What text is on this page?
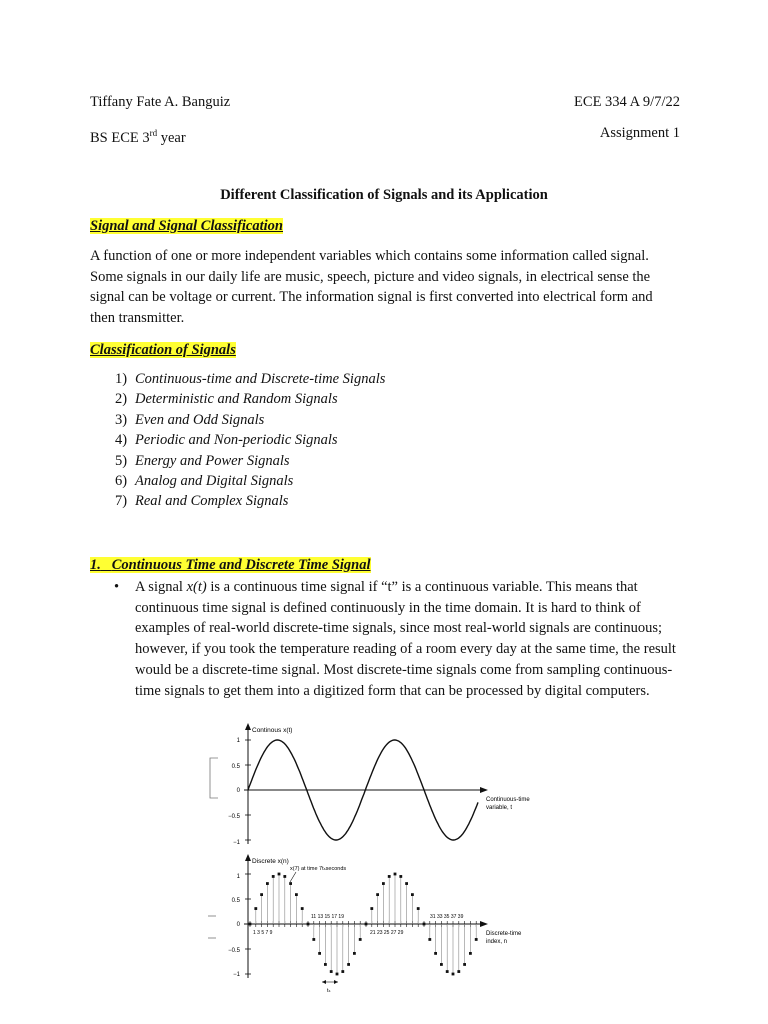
Tiffany Fate A. Banguiz	ECE 334 A 9/7/22
BS ECE 3rd year	Assignment 1
Different Classification of Signals and its Application
Signal and Signal Classification
A function of one or more independent variables which contains some information called signal. Some signals in our daily life are music, speech, picture and video signals, in electrical sense the signal can be voltage or current. The information signal is first converted into electrical form and then transmitter.
Classification of Signals
1) Continuous-time and Discrete-time Signals
2) Deterministic and Random Signals
3) Even and Odd Signals
4) Periodic and Non-periodic Signals
5) Energy and Power Signals
6) Analog and Digital Signals
7) Real and Complex Signals
1. Continuous Time and Discrete Time Signal
• A signal x(t) is a continuous time signal if “t” is a continuous variable. This means that continuous time signal is defined continuously in the time domain. It is hard to think of examples of real-world discrete-time signals, since most real-world signals are continuous; however, if you took the temperature reading of a room every day at the same time, the result would be a discrete-time signal. Most discrete-time signals come from sampling continuous-time signals to get them into a digitized form that can be processed by digital computers.
Continous x(t)
1
0.5
0
−0.5
−1
Continuous-time
variable, t
Discrete x(n)
x(7) at time 7tₛseconds
1
0.5
0
−0.5
−1
1 3 5 7 9
11 13 15 17 19
21 23 25 27 29
31 33 35 37 39
Discrete-time
index, n
tₛ
